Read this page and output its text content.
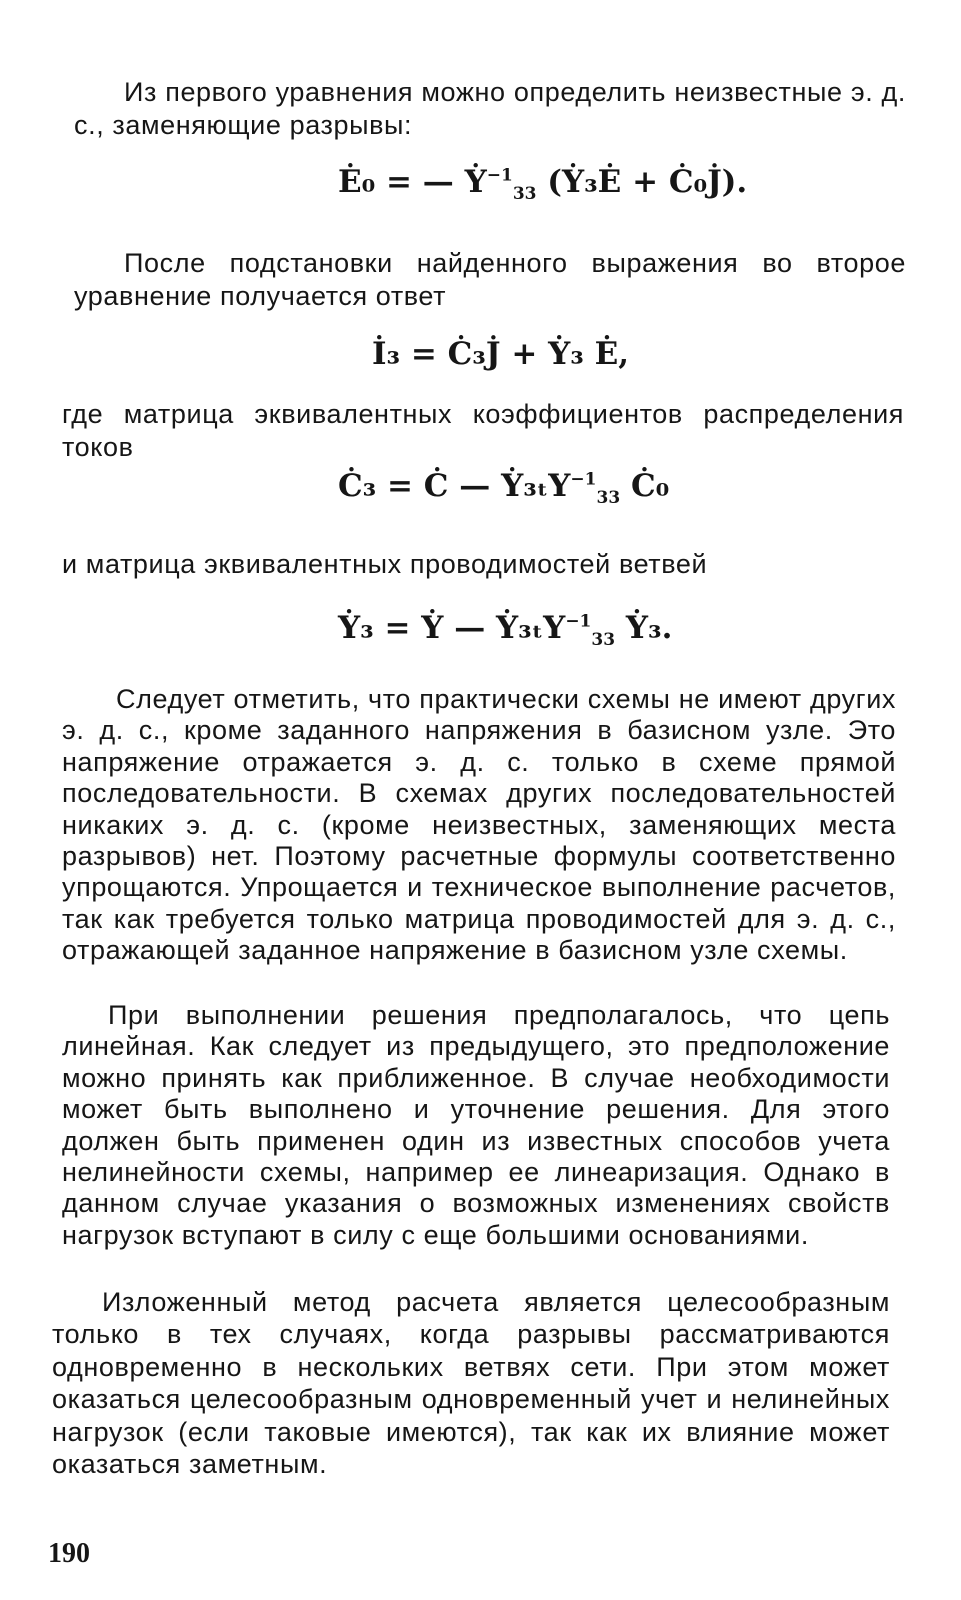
Из первого уравнения можно определить неизвестные э. д. с., заменяющие разрывы:

Ė₀ = — Ẏ$^{-1}_{33}$ (Ẏ₃Ė + Ċ₀J̇).

После подстановки найденного выражения во второе уравнение получается ответ

İ₃ = Ċ₃J̇ + Ẏ₃ Ė,

где матрица эквивалентных коэффициентов распределения токов

Ċ₃ = Ċ — Ẏ₃ₜY$^{-1}_{33}$ Ċ₀

и матрица эквивалентных проводимостей ветвей

Ẏ₃ = Ẏ — Ẏ₃ₜY$^{-1}_{33}$ Ẏ₃.

Следует отметить, что практически схемы не имеют других э. д. с., кроме заданного напряжения в базисном узле. Это напряжение отражается э. д. с. только в схеме прямой последовательности. В схемах других последовательностей никаких э. д. с. (кроме неизвестных, заменяющих места разрывов) нет. Поэтому расчетные формулы соответственно упрощаются. Упрощается и техническое выполнение расчетов, так как требуется только матрица проводимостей для э. д. с., отражающей заданное напряжение в базисном узле схемы.

При выполнении решения предполагалось, что цепь линейная. Как следует из предыдущего, это предположение можно принять как приближенное. В случае необходимости может быть выполнено и уточнение решения. Для этого должен быть применен один из известных способов учета нелинейности схемы, например ее линеаризация. Однако в данном случае указания о возможных изменениях свойств нагрузок вступают в силу с еще большими основаниями.

Изложенный метод расчета является целесообразным только в тех случаях, когда разрывы рассматриваются одновременно в нескольких ветвях сети. При этом может оказаться целесообразным одновременный учет и нелинейных нагрузок (если таковые имеются), так как их влияние может оказаться заметным.

190
